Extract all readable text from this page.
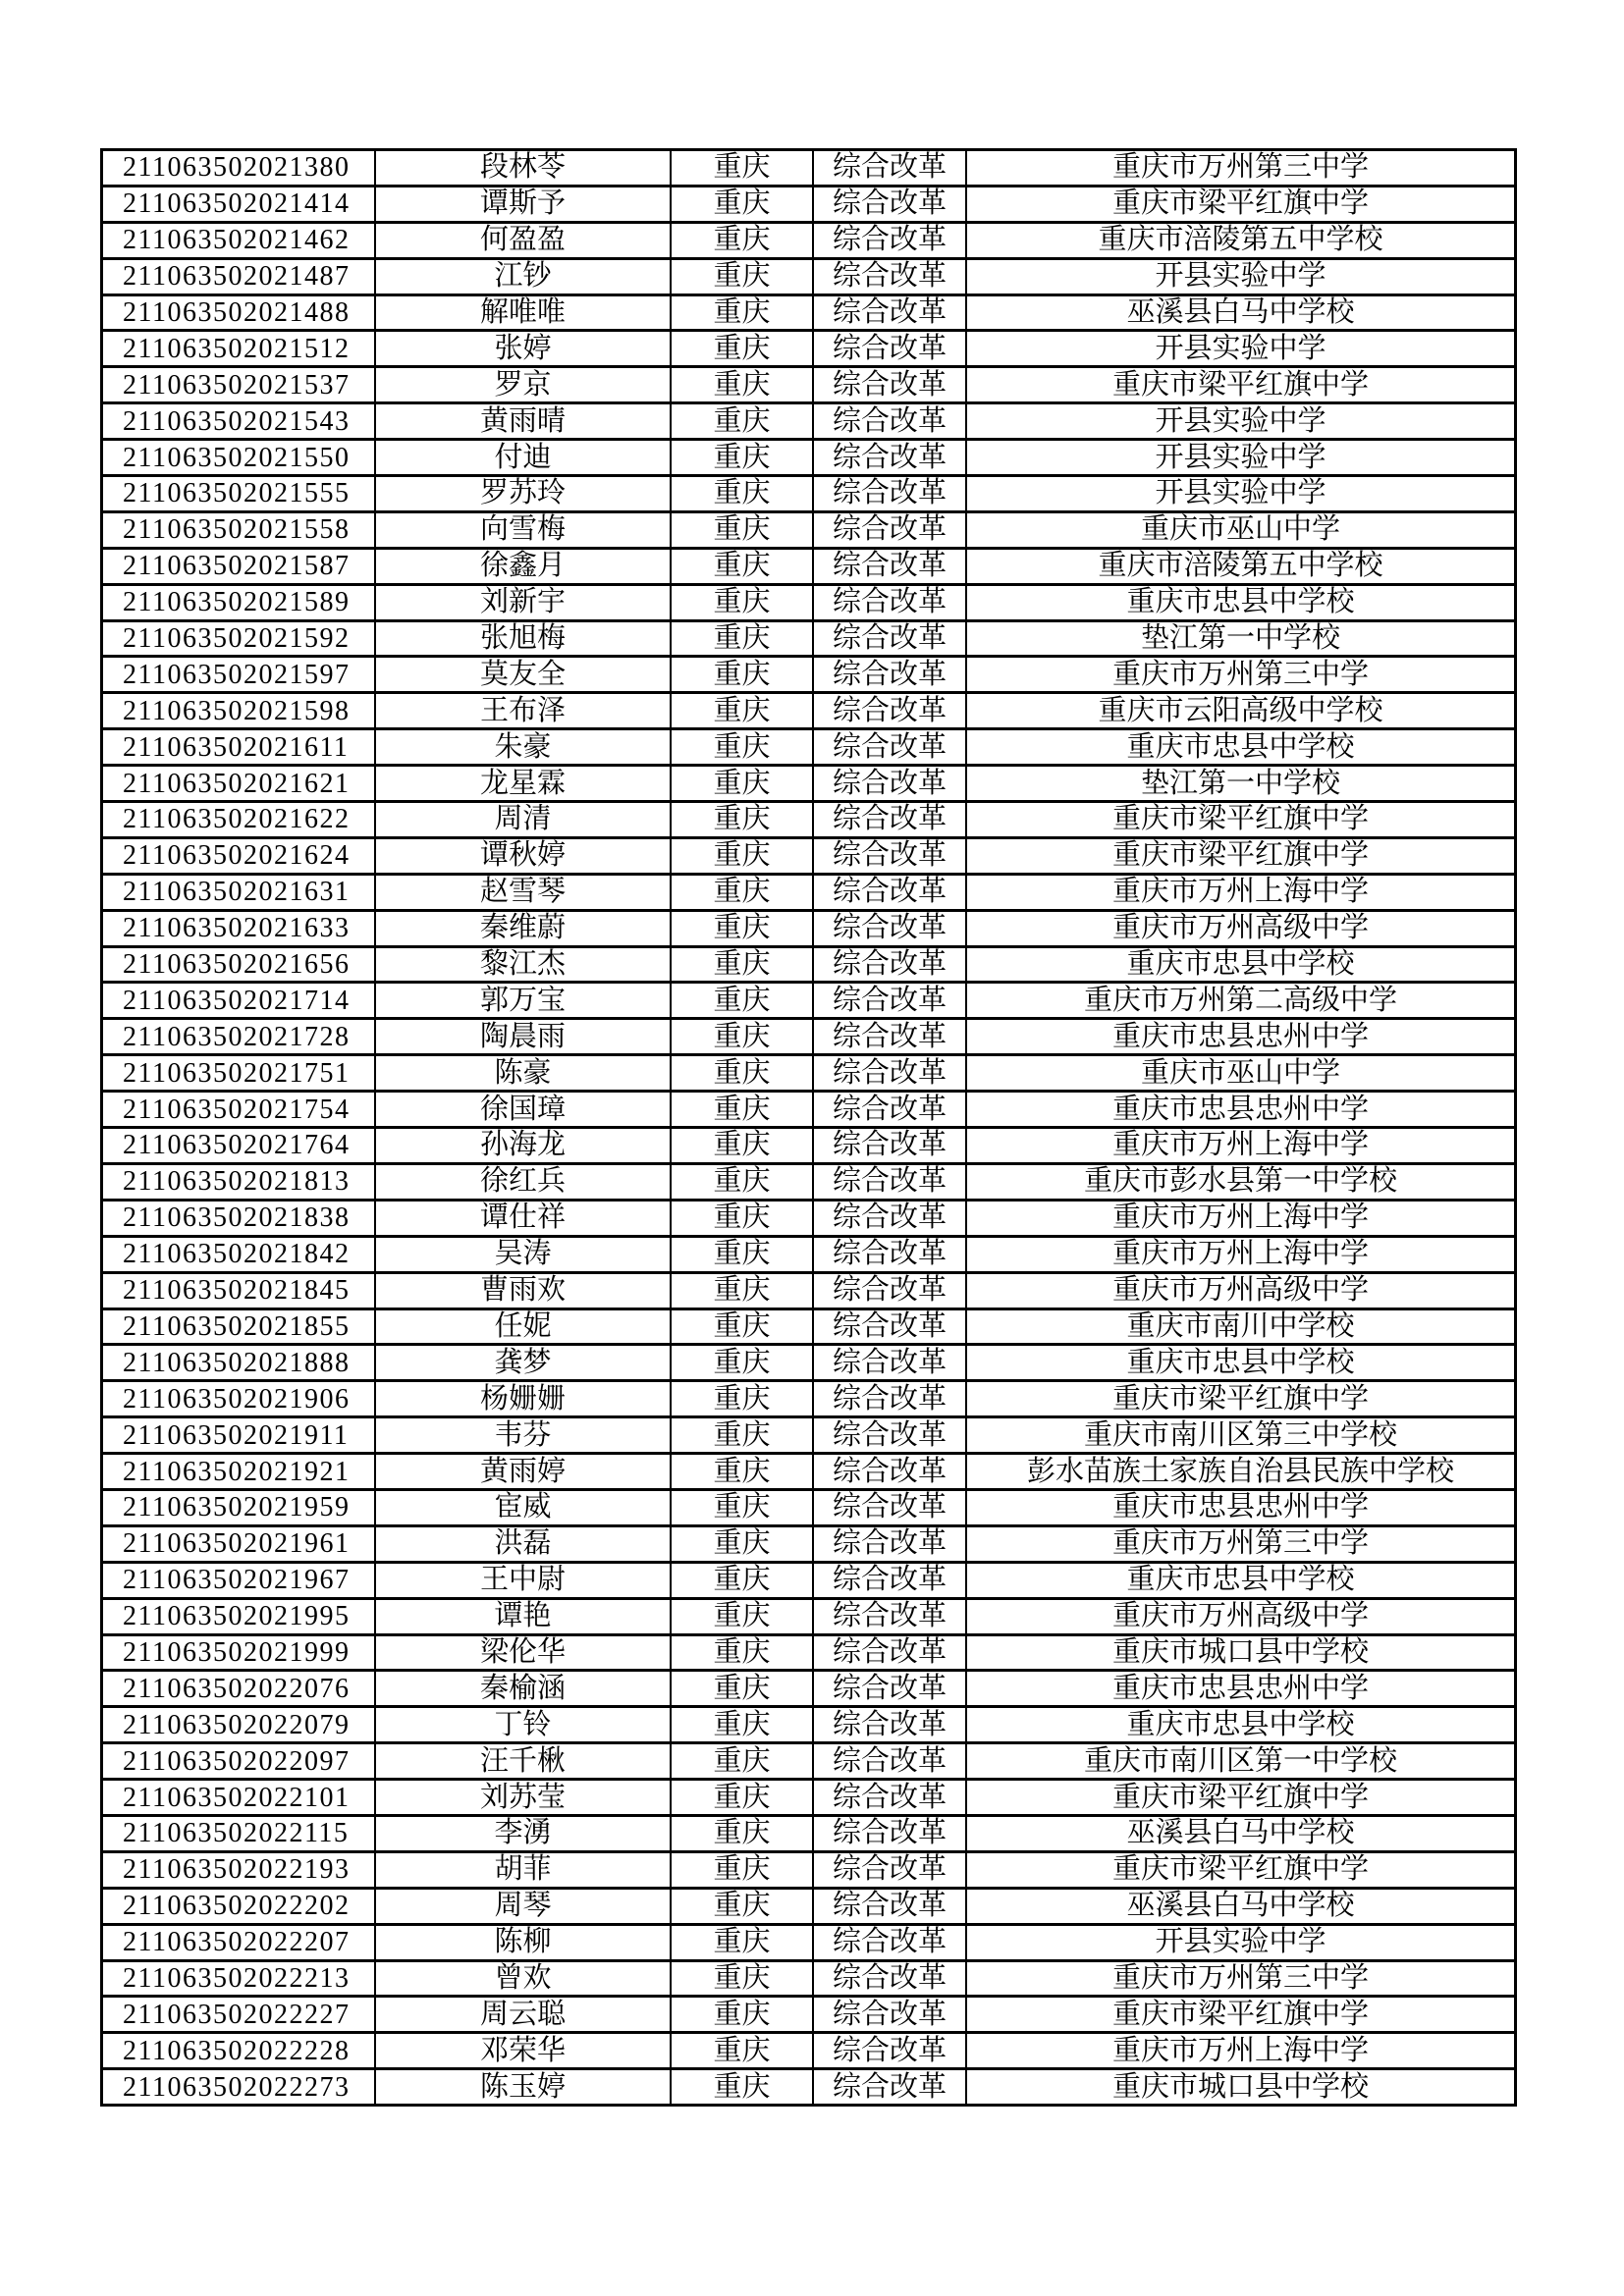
211063502021380	段林苓	重庆	综合改革	重庆市万州第三中学
211063502021414	谭斯予	重庆	综合改革	重庆市梁平红旗中学
211063502021462	何盈盈	重庆	综合改革	重庆市涪陵第五中学校
211063502021487	江钞	重庆	综合改革	开县实验中学
211063502021488	解唯唯	重庆	综合改革	巫溪县白马中学校
211063502021512	张婷	重庆	综合改革	开县实验中学
211063502021537	罗京	重庆	综合改革	重庆市梁平红旗中学
211063502021543	黄雨晴	重庆	综合改革	开县实验中学
211063502021550	付迪	重庆	综合改革	开县实验中学
211063502021555	罗苏玲	重庆	综合改革	开县实验中学
211063502021558	向雪梅	重庆	综合改革	重庆市巫山中学
211063502021587	徐鑫月	重庆	综合改革	重庆市涪陵第五中学校
211063502021589	刘新宇	重庆	综合改革	重庆市忠县中学校
211063502021592	张旭梅	重庆	综合改革	垫江第一中学校
211063502021597	莫友全	重庆	综合改革	重庆市万州第三中学
211063502021598	王布泽	重庆	综合改革	重庆市云阳高级中学校
211063502021611	朱豪	重庆	综合改革	重庆市忠县中学校
211063502021621	龙星霖	重庆	综合改革	垫江第一中学校
211063502021622	周清	重庆	综合改革	重庆市梁平红旗中学
211063502021624	谭秋婷	重庆	综合改革	重庆市梁平红旗中学
211063502021631	赵雪琴	重庆	综合改革	重庆市万州上海中学
211063502021633	秦维蔚	重庆	综合改革	重庆市万州高级中学
211063502021656	黎江杰	重庆	综合改革	重庆市忠县中学校
211063502021714	郭万宝	重庆	综合改革	重庆市万州第二高级中学
211063502021728	陶晨雨	重庆	综合改革	重庆市忠县忠州中学
211063502021751	陈豪	重庆	综合改革	重庆市巫山中学
211063502021754	徐国璋	重庆	综合改革	重庆市忠县忠州中学
211063502021764	孙海龙	重庆	综合改革	重庆市万州上海中学
211063502021813	徐红兵	重庆	综合改革	重庆市彭水县第一中学校
211063502021838	谭仕祥	重庆	综合改革	重庆市万州上海中学
211063502021842	吴涛	重庆	综合改革	重庆市万州上海中学
211063502021845	曹雨欢	重庆	综合改革	重庆市万州高级中学
211063502021855	任妮	重庆	综合改革	重庆市南川中学校
211063502021888	龚梦	重庆	综合改革	重庆市忠县中学校
211063502021906	杨姗姗	重庆	综合改革	重庆市梁平红旗中学
211063502021911	韦芬	重庆	综合改革	重庆市南川区第三中学校
211063502021921	黄雨婷	重庆	综合改革	彭水苗族土家族自治县民族中学校
211063502021959	宦威	重庆	综合改革	重庆市忠县忠州中学
211063502021961	洪磊	重庆	综合改革	重庆市万州第三中学
211063502021967	王中尉	重庆	综合改革	重庆市忠县中学校
211063502021995	谭艳	重庆	综合改革	重庆市万州高级中学
211063502021999	梁伦华	重庆	综合改革	重庆市城口县中学校
211063502022076	秦榆涵	重庆	综合改革	重庆市忠县忠州中学
211063502022079	丁铃	重庆	综合改革	重庆市忠县中学校
211063502022097	汪千楸	重庆	综合改革	重庆市南川区第一中学校
211063502022101	刘苏莹	重庆	综合改革	重庆市梁平红旗中学
211063502022115	李湧	重庆	综合改革	巫溪县白马中学校
211063502022193	胡菲	重庆	综合改革	重庆市梁平红旗中学
211063502022202	周琴	重庆	综合改革	巫溪县白马中学校
211063502022207	陈柳	重庆	综合改革	开县实验中学
211063502022213	曾欢	重庆	综合改革	重庆市万州第三中学
211063502022227	周云聪	重庆	综合改革	重庆市梁平红旗中学
211063502022228	邓荣华	重庆	综合改革	重庆市万州上海中学
211063502022273	陈玉婷	重庆	综合改革	重庆市城口县中学校
